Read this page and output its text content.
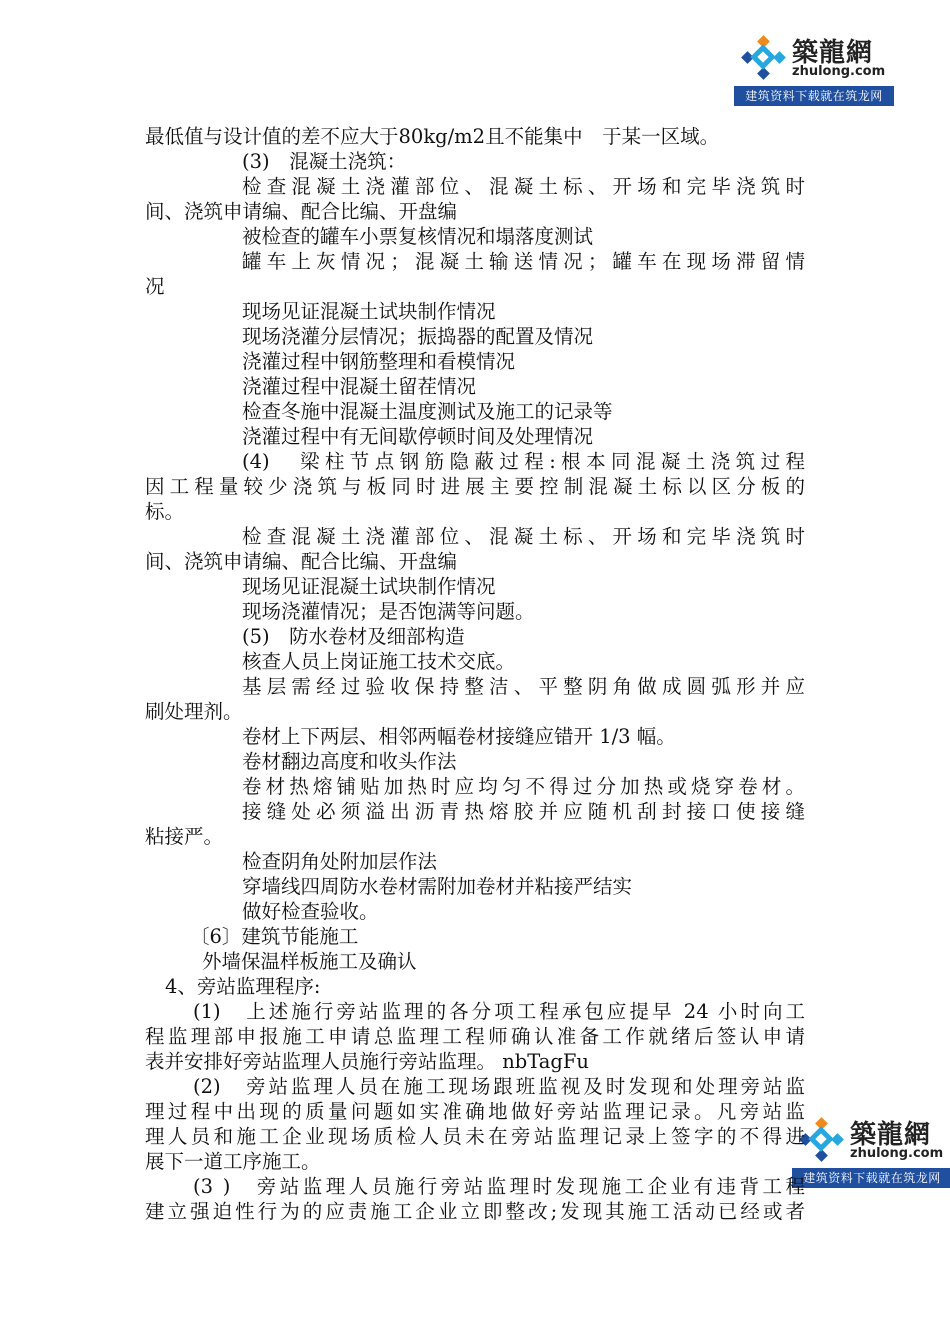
築龍網
zhulong.com
建筑资料下载就在筑龙网
築龍網
zhulong.com
建筑资料下载就在筑龙网
最低值与设计值的差不应大于80kg/m2且不能集中　于某一区域。
(3)　混凝土浇筑：
检查混凝土浇灌部位、混凝土标、开场和完毕浇筑时
间、浇筑申请编、配合比编、开盘编
被检查的罐车小票复核情况和塌落度测试
罐车上灰情况；混凝土输送情况；罐车在现场滞留情
况
现场见证混凝土试块制作情况
现场浇灌分层情况；振捣器的配置及情况
浇灌过程中钢筋整理和看模情况
浇灌过程中混凝土留茬情况
检查冬施中混凝土温度测试及施工的记录等
浇灌过程中有无间歇停顿时间及处理情况
(4)　梁柱节点钢筋隐蔽过程:根本同混凝土浇筑过程
因工程量较少浇筑与板同时进展主要控制混凝土标以区分板的
标。
检查混凝土浇灌部位、混凝土标、开场和完毕浇筑时
间、浇筑申请编、配合比编、开盘编
现场见证混凝土试块制作情况
现场浇灌情况；是否饱满等问题。
(5)　防水卷材及细部构造
核查人员上岗证施工技术交底。
基层需经过验收保持整洁、平整阴角做成圆弧形并应
刷处理剂。
卷材上下两层、相邻两幅卷材接缝应错开 1/3 幅。
卷材翻边高度和收头作法
卷材热熔铺贴加热时应均匀不得过分加热或烧穿卷材。
接缝处必须溢出沥青热熔胶并应随机刮封接口使接缝
粘接严。
检查阴角处附加层作法
穿墙线四周防水卷材需附加卷材并粘接严结实
做好检查验收。
〔6〕建筑节能施工
外墙保温样板施工及确认
4、旁站监理程序:
(1)　上述施行旁站监理的各分项工程承包应提早 24 小时向工
程监理部申报施工申请总监理工程师确认准备工作就绪后签认申请
表并安排好旁站监理人员施行旁站监理。 nbTagFu
(2)　旁站监理人员在施工现场跟班监视及时发现和处理旁站监
理过程中出现的质量问题如实准确地做好旁站监理记录。凡旁站监
理人员和施工企业现场质检人员未在旁站监理记录上签字的不得进
展下一道工序施工。
(3 )　旁站监理人员施行旁站监理时发现施工企业有违背工程
建立强迫性行为的应责施工企业立即整改;发现其施工活动已经或者
